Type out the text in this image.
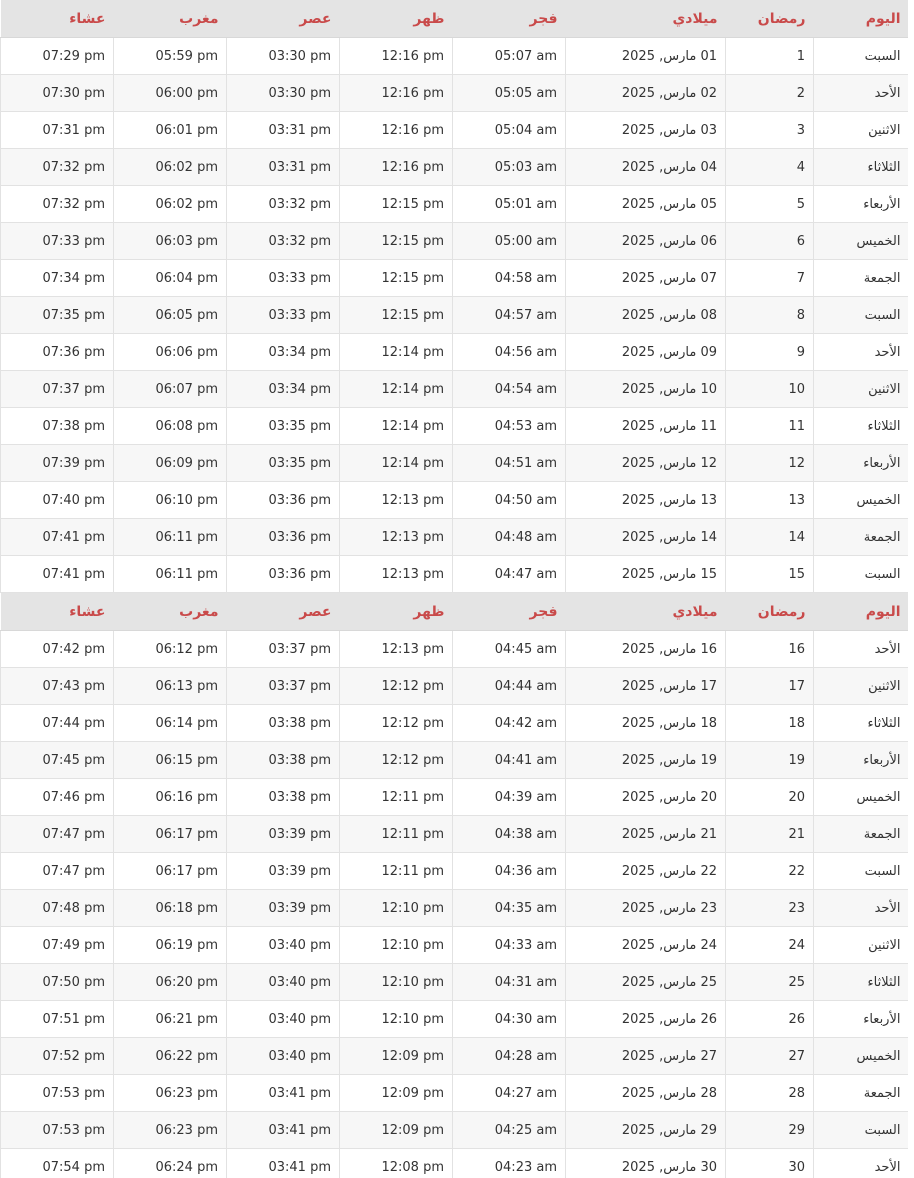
اليوم	رمضان	ميلادي	فجر	ظهر	عصر	مغرب	عشاء
السبت	1	01 مارس, 2025	05:07 am	12:16 pm	03:30 pm	05:59 pm	07:29 pm
الأحد	2	02 مارس, 2025	05:05 am	12:16 pm	03:30 pm	06:00 pm	07:30 pm
الاثنين	3	03 مارس, 2025	05:04 am	12:16 pm	03:31 pm	06:01 pm	07:31 pm
الثلاثاء	4	04 مارس, 2025	05:03 am	12:16 pm	03:31 pm	06:02 pm	07:32 pm
الأربعاء	5	05 مارس, 2025	05:01 am	12:15 pm	03:32 pm	06:02 pm	07:32 pm
الخميس	6	06 مارس, 2025	05:00 am	12:15 pm	03:32 pm	06:03 pm	07:33 pm
الجمعة	7	07 مارس, 2025	04:58 am	12:15 pm	03:33 pm	06:04 pm	07:34 pm
السبت	8	08 مارس, 2025	04:57 am	12:15 pm	03:33 pm	06:05 pm	07:35 pm
الأحد	9	09 مارس, 2025	04:56 am	12:14 pm	03:34 pm	06:06 pm	07:36 pm
الاثنين	10	10 مارس, 2025	04:54 am	12:14 pm	03:34 pm	06:07 pm	07:37 pm
الثلاثاء	11	11 مارس, 2025	04:53 am	12:14 pm	03:35 pm	06:08 pm	07:38 pm
الأربعاء	12	12 مارس, 2025	04:51 am	12:14 pm	03:35 pm	06:09 pm	07:39 pm
الخميس	13	13 مارس, 2025	04:50 am	12:13 pm	03:36 pm	06:10 pm	07:40 pm
الجمعة	14	14 مارس, 2025	04:48 am	12:13 pm	03:36 pm	06:11 pm	07:41 pm
السبت	15	15 مارس, 2025	04:47 am	12:13 pm	03:36 pm	06:11 pm	07:41 pm
اليوم	رمضان	ميلادي	فجر	ظهر	عصر	مغرب	عشاء
الأحد	16	16 مارس, 2025	04:45 am	12:13 pm	03:37 pm	06:12 pm	07:42 pm
الاثنين	17	17 مارس, 2025	04:44 am	12:12 pm	03:37 pm	06:13 pm	07:43 pm
الثلاثاء	18	18 مارس, 2025	04:42 am	12:12 pm	03:38 pm	06:14 pm	07:44 pm
الأربعاء	19	19 مارس, 2025	04:41 am	12:12 pm	03:38 pm	06:15 pm	07:45 pm
الخميس	20	20 مارس, 2025	04:39 am	12:11 pm	03:38 pm	06:16 pm	07:46 pm
الجمعة	21	21 مارس, 2025	04:38 am	12:11 pm	03:39 pm	06:17 pm	07:47 pm
السبت	22	22 مارس, 2025	04:36 am	12:11 pm	03:39 pm	06:17 pm	07:47 pm
الأحد	23	23 مارس, 2025	04:35 am	12:10 pm	03:39 pm	06:18 pm	07:48 pm
الاثنين	24	24 مارس, 2025	04:33 am	12:10 pm	03:40 pm	06:19 pm	07:49 pm
الثلاثاء	25	25 مارس, 2025	04:31 am	12:10 pm	03:40 pm	06:20 pm	07:50 pm
الأربعاء	26	26 مارس, 2025	04:30 am	12:10 pm	03:40 pm	06:21 pm	07:51 pm
الخميس	27	27 مارس, 2025	04:28 am	12:09 pm	03:40 pm	06:22 pm	07:52 pm
الجمعة	28	28 مارس, 2025	04:27 am	12:09 pm	03:41 pm	06:23 pm	07:53 pm
السبت	29	29 مارس, 2025	04:25 am	12:09 pm	03:41 pm	06:23 pm	07:53 pm
الأحد	30	30 مارس, 2025	04:23 am	12:08 pm	03:41 pm	06:24 pm	07:54 pm
